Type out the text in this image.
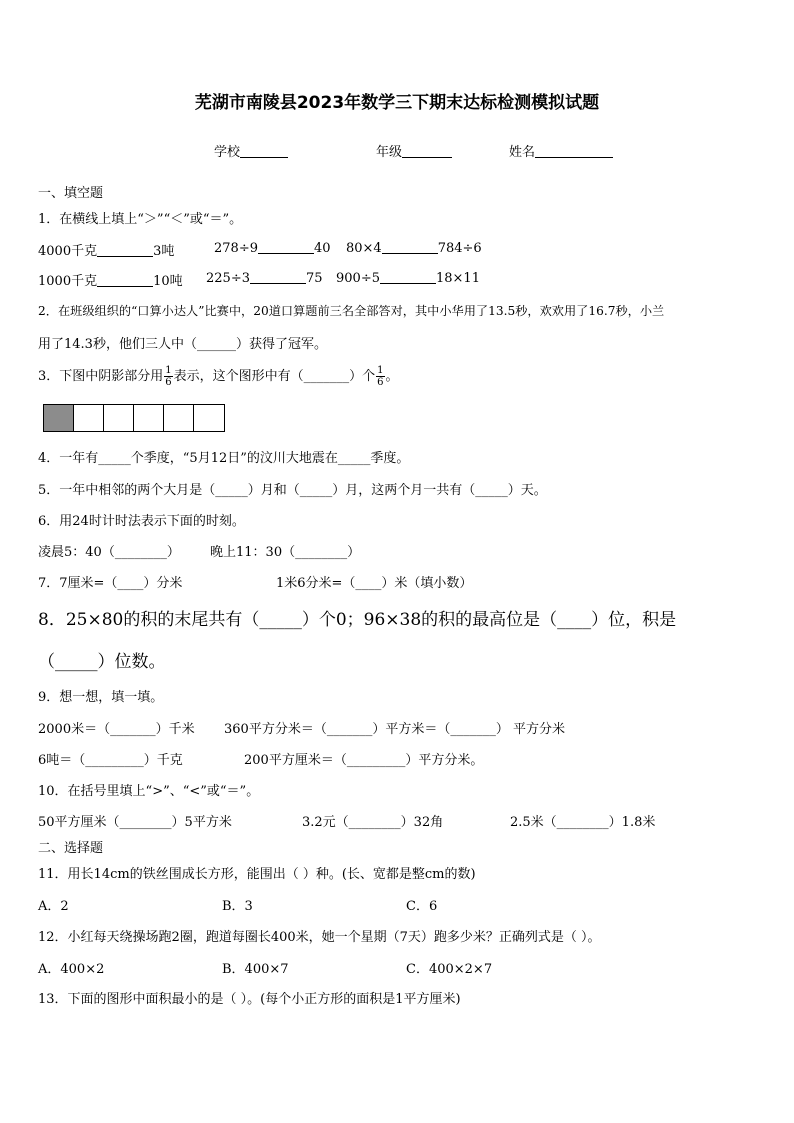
芜湖市南陵县2023年数学三下期末达标检测模拟试题
学校	年级	姓名
一、填空题
1．在横线上填上“＞”“＜”或“＝”。
4000千克	3吨	278÷9	40 80×4	784÷6
1000千克	10吨 225÷3	75 900÷5	18×11
2．在班级组织的“口算小达人”比赛中，20道口算题前三名全部答对，其中小华用了13.5秒，欢欢用了16.7秒，小兰
用了14.3秒，他们三人中（______）获得了冠军。
3．下图中阴影部分用 $\frac{1}{6}$ 表示，这个图形中有（_______）个 $\frac{1}{6}$ 。
4．一年有_____个季度，“5月12日”的汶川大地震在_____季度。
5．一年中相邻的两个大月是（_____）月和（_____）月，这两个月一共有（_____）天。
6．用24时计时法表示下面的时刻。
凌晨5：40（________） 晚上11：30（________）
7．7厘米=（____）分米	1米6分米=（____）米（填小数）
8．25×80的积的末尾共有（_____）个0；96×38的积的最高位是（____）位，积是
（_____）位数。
9．想一想，填一填。
2000米＝（_______）千米 360平方分米＝（_______）平方米＝（_______） 平方分米
6吨＝（_________）千克	200平方厘米＝（_________）平方分米。
10．在括号里填上“>”、“<”或“＝”。
50平方厘米（________）5平方米	3.2元（________）32角	2.5米（________）1.8米
二、选择题
11．用长14cm的铁丝围成长方形，能围出（ ）种。(长、宽都是整cm的数)
A．2	B．3	C．6
12．小红每天绕操场跑2圈，跑道每圈长400米，她一个星期（7天）跑多少米？正确列式是（ ）。
A．400×2	B．400×7	C．400×2×7
13．下面的图形中面积最小的是（ ）。(每个小正方形的面积是1平方厘米)
